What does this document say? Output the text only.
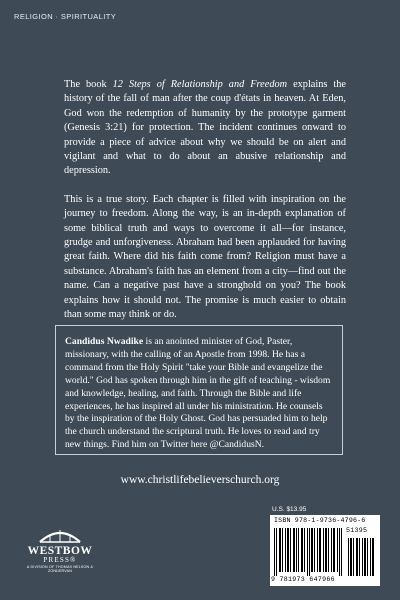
RELIGION · SPIRITUALITY

The book 12 Steps of Relationship and Freedom explains the history of the fall of man after the coup d'états in heaven. At Eden, God won the redemption of humanity by the prototype garment (Genesis 3:21) for protection. The incident continues onward to provide a piece of advice about why we should be on alert and vigilant and what to do about an abusive relationship and depression.

This is a true story. Each chapter is filled with inspiration on the journey to freedom. Along the way, is an in-depth explanation of some biblical truth and ways to overcome it all—for instance, grudge and unforgiveness. Abraham had been applauded for having great faith. Where did his faith come from? Religion must have a substance. Abraham's faith has an element from a city—find out the name. Can a negative past have a stronghold on you? The book explains how it should not. The promise is much easier to obtain than some may think or do.

Candidus Nwadike is an anointed minister of God, Paster, missionary, with the calling of an Apostle from 1998. He has a command from the Holy Spirit "take your Bible and evangelize the world." God has spoken through him in the gift of teaching - wisdom and knowledge, healing, and faith. Through the Bible and life experiences, he has inspired all under his ministration. He counsels by the inspiration of the Holy Ghost. God has persuaded him to help the church understand the scriptural truth. He loves to read and try new things. Find him on Twitter here @CandidusN.
www.christlifebelieverschurch.org
WESTBOW
PRESS®
A DIVISION OF THOMAS NELSON & ZONDERVAN
U.S. $13.95
ISBN 978-1-9736-4796-6
51395
9 781973 647966
